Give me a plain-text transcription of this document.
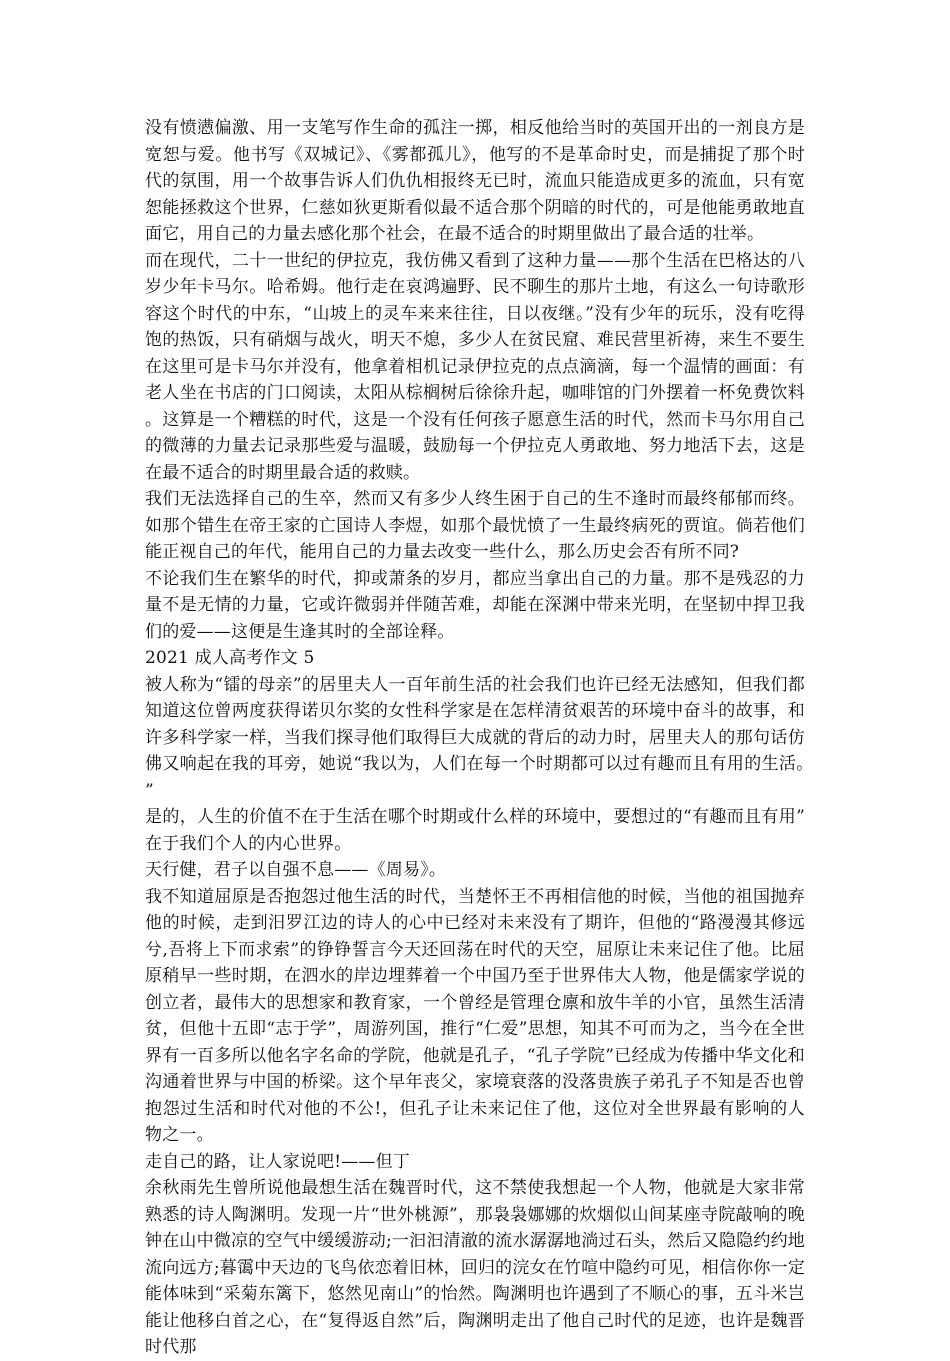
没有愤懑偏激、用一支笔写作生命的孤注一掷，相反他给当时的英国开出的一剂良方是宽恕与爱。他书写《双城记》、《雾都孤儿》，他写的不是革命时史，而是捕捉了那个时代的氛围，用一个故事告诉人们仇仇相报终无已时，流血只能造成更多的流血，只有宽恕能拯救这个世界，仁慈如狄更斯看似最不适合那个阴暗的时代的，可是他能勇敢地直面它，用自己的力量去感化那个社会，在最不适合的时期里做出了最合适的壮举。

而在现代，二十一世纪的伊拉克，我仿佛又看到了这种力量——那个生活在巴格达的八岁少年卡马尔。哈希姆。他行走在哀鸿遍野、民不聊生的那片土地，有这么一句诗歌形容这个时代的中东，“山坡上的灵车来来往往，日以夜继。”没有少年的玩乐，没有吃得饱的热饭，只有硝烟与战火，明天不熄，多少人在贫民窟、难民营里祈祷，来生不要生在这里可是卡马尔并没有，他拿着相机记录伊拉克的点点滴滴，每一个温情的画面：有老人坐在书店的门口阅读，太阳从棕榈树后徐徐升起，咖啡馆的门外摆着一杯免费饮料。这算是一个糟糕的时代，这是一个没有任何孩子愿意生活的时代，然而卡马尔用自己的微薄的力量去记录那些爱与温暖，鼓励每一个伊拉克人勇敢地、努力地活下去，这是在最不适合的时期里最合适的救赎。

我们无法选择自己的生卒，然而又有多少人终生困于自己的生不逢时而最终郁郁而终。如那个错生在帝王家的亡国诗人李煜，如那个最忧愤了一生最终病死的贾谊。倘若他们能正视自己的年代，能用自己的力量去改变一些什么，那么历史会否有所不同?

不论我们生在繁华的时代，抑或萧条的岁月，都应当拿出自己的力量。那不是残忍的力量不是无情的力量，它或许微弱并伴随苦难，却能在深渊中带来光明，在坚韧中捍卫我们的爱——这便是生逢其时的全部诠释。

2021 成人高考作文 5

被人称为“镭的母亲”的居里夫人一百年前生活的社会我们也许已经无法感知，但我们都知道这位曾两度获得诺贝尔奖的女性科学家是在怎样清贫艰苦的环境中奋斗的故事，和许多科学家一样，当我们探寻他们取得巨大成就的背后的动力时，居里夫人的那句话仿佛又响起在我的耳旁，她说“我以为，人们在每一个时期都可以过有趣而且有用的生活。”

是的，人生的价值不在于生活在哪个时期或什么样的环境中，要想过的“有趣而且有用”在于我们个人的内心世界。

天行健，君子以自强不息——《周易》。

我不知道屈原是否抱怨过他生活的时代，当楚怀王不再相信他的时候，当他的祖国抛弃他的时候，走到汨罗江边的诗人的心中已经对未来没有了期许，但他的“路漫漫其修远兮,吾将上下而求索”的铮铮誓言今天还回荡在时代的天空，屈原让未来记住了他。比屈原稍早一些时期，在泗水的岸边埋葬着一个中国乃至于世界伟大人物，他是儒家学说的创立者，最伟大的思想家和教育家，一个曾经是管理仓廪和放牛羊的小官，虽然生活清贫，但他十五即“志于学”，周游列国，推行“仁爱”思想，知其不可而为之，当今在全世界有一百多所以他名字名命的学院，他就是孔子，“孔子学院”已经成为传播中华文化和沟通着世界与中国的桥梁。这个早年丧父，家境衰落的没落贵族子弟孔子不知是否也曾抱怨过生活和时代对他的不公!，但孔子让未来记住了他，这位对全世界最有影响的人物之一。

走自己的路，让人家说吧!——但丁

余秋雨先生曾所说他最想生活在魏晋时代，这不禁使我想起一个人物，他就是大家非常熟悉的诗人陶渊明。发现一片“世外桃源”，那袅袅娜娜的炊烟似山间某座寺院敲响的晚钟在山中微凉的空气中缓缓游动;一汩汩清澈的流水潺潺地淌过石头，然后又隐隐约约地流向远方;暮霭中天边的飞鸟依恋着旧林，回归的浣女在竹喧中隐约可见，相信你你一定能体味到“采菊东篱下，悠然见南山”的怡然。陶渊明也许遇到了不顺心的事，五斗米岂能让他移白首之心，在“复得返自然”后，陶渊明走出了他自己时代的足迹，也许是魏晋时代那
